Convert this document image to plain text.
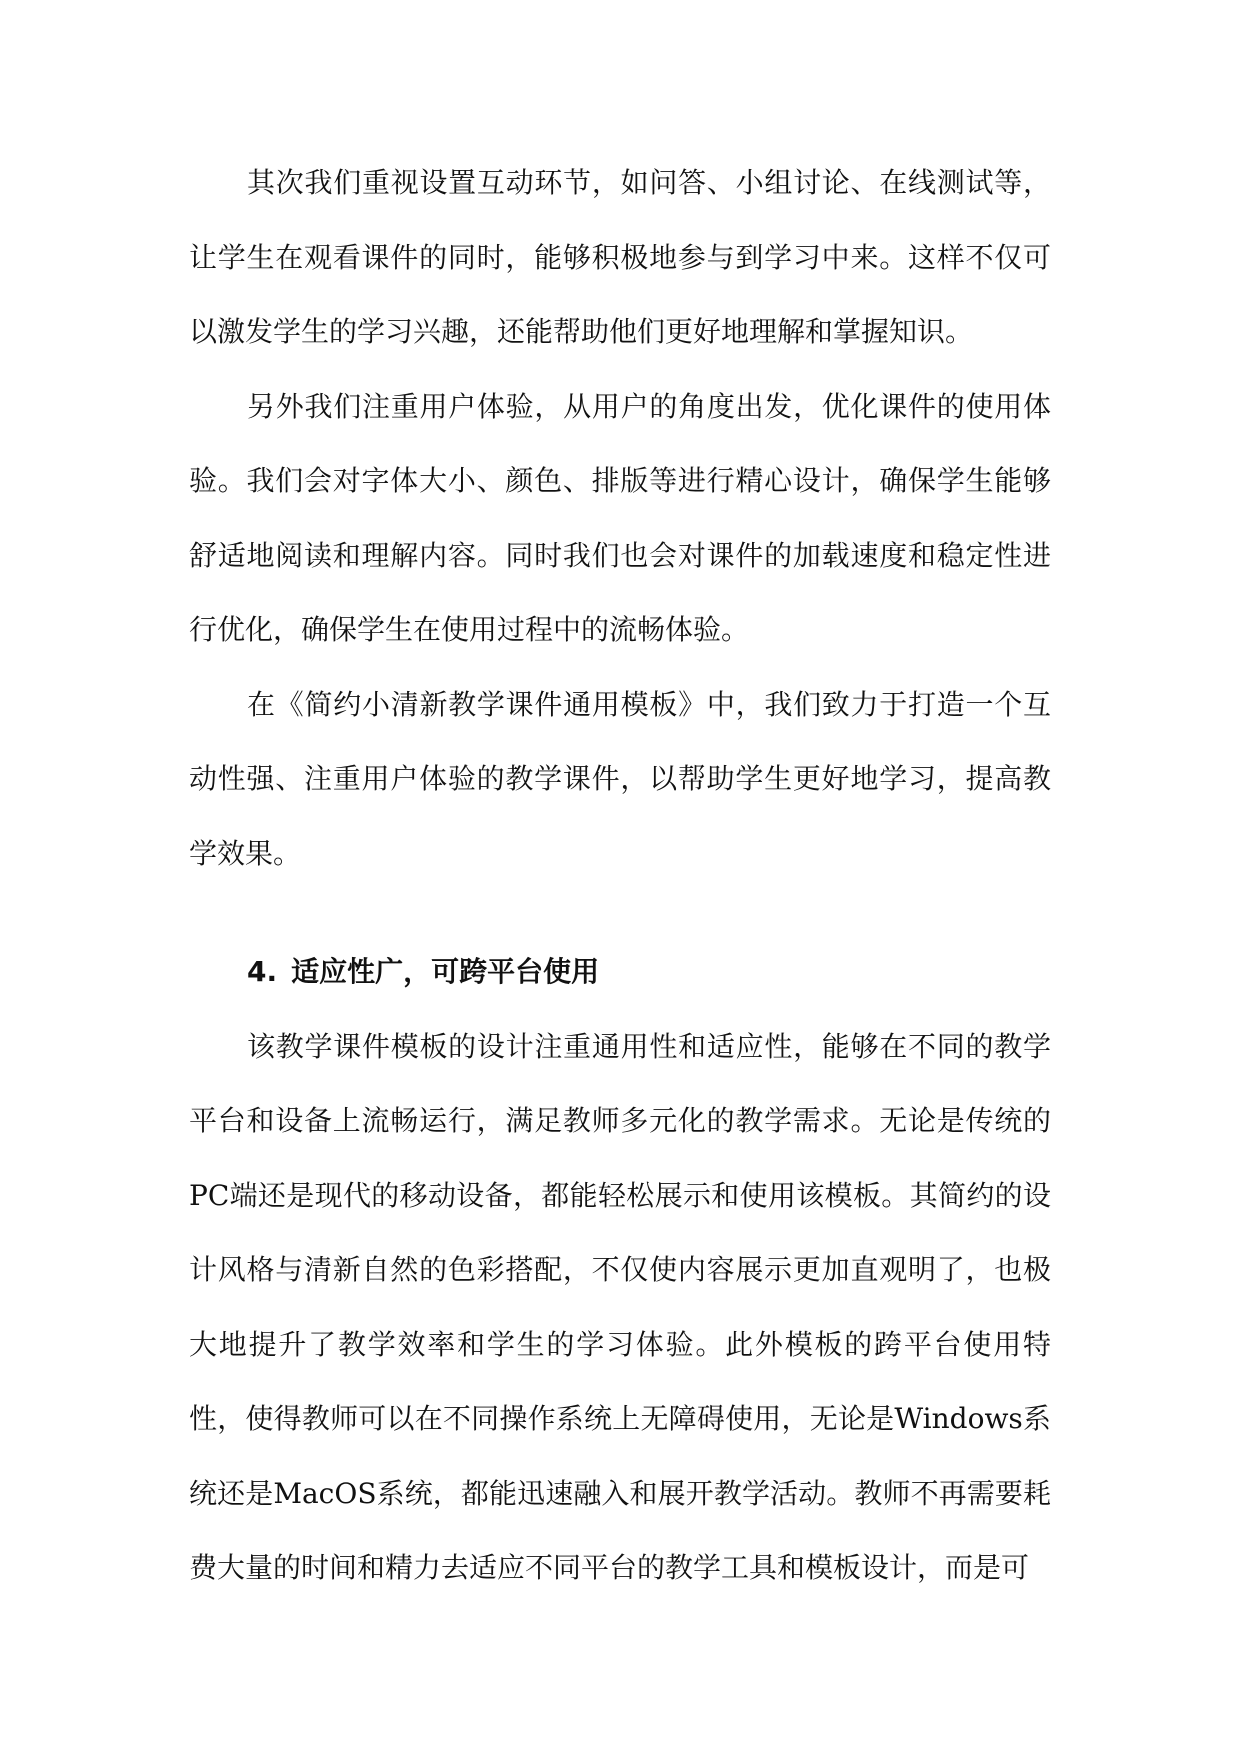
其次我们重视设置互动环节，如问答、小组讨论、在线测试等，让学生在观看课件的同时，能够积极地参与到学习中来。这样不仅可以激发学生的学习兴趣，还能帮助他们更好地理解和掌握知识。

另外我们注重用户体验，从用户的角度出发，优化课件的使用体验。我们会对字体大小、颜色、排版等进行精心设计，确保学生能够舒适地阅读和理解内容。同时我们也会对课件的加载速度和稳定性进行优化，确保学生在使用过程中的流畅体验。

在《简约小清新教学课件通用模板》中，我们致力于打造一个互动性强、注重用户体验的教学课件，以帮助学生更好地学习，提高教学效果。

4. 适应性广，可跨平台使用

该教学课件模板的设计注重通用性和适应性，能够在不同的教学平台和设备上流畅运行，满足教师多元化的教学需求。无论是传统的PC端还是现代的移动设备，都能轻松展示和使用该模板。其简约的设计风格与清新自然的色彩搭配，不仅使内容展示更加直观明了，也极大地提升了教学效率和学生的学习体验。此外模板的跨平台使用特性，使得教师可以在不同操作系统上无障碍使用，无论是Windows系统还是MacOS系统，都能迅速融入和展开教学活动。教师不再需要耗费大量的时间和精力去适应不同平台的教学工具和模板设计，而是可
